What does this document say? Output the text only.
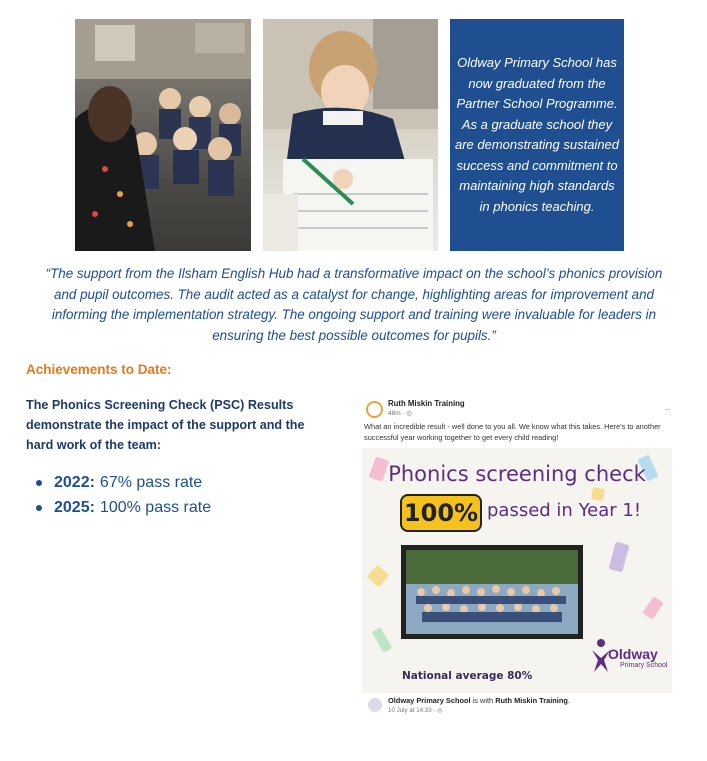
Oldway Primary School has now graduated from the Partner School Programme. As a graduate school they are demonstrating sustained success and commitment to maintaining high standards in phonics teaching.

“The support from the Ilsham English Hub had a transformative impact on the school’s phonics provision and pupil outcomes. The audit acted as a catalyst for change, highlighting areas for improvement and informing the implementation strategy. The ongoing support and training were invaluable for leaders in ensuring the best possible outcomes for pupils.”

Achievements to Date:

The Phonics Screening Check (PSC) Results demonstrate the impact of the support and the hard work of the team:

2022: 67% pass rate
2025: 100% pass rate
Ruth Miskin Training
48m · ◎
..

What an incredible result - well done to you all. We know what this takes. Here's to another successful year working together to get every child reading!

Phonics screening check
100% passed in Year 1!
National average 80%
Oldway
Primary School

Oldway Primary School is with Ruth Miskin Training.

10 July at 14:33 · ◎
